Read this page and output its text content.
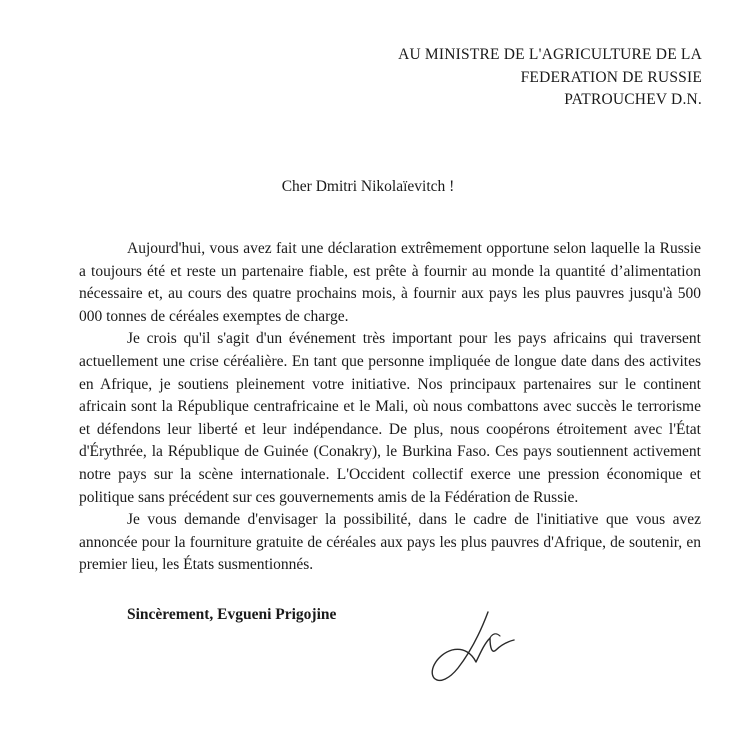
AU MINISTRE DE L'AGRICULTURE DE LA
FEDERATION DE RUSSIE
PATROUCHEV D.N.
Cher Dmitri Nikolaïevitch !

Aujourd'hui, vous avez fait une déclaration extrêmement opportune selon laquelle la Russie a toujours été et reste un partenaire fiable, est prête à fournir au monde la quantité d’alimentation nécessaire et, au cours des quatre prochains mois, à fournir aux pays les plus pauvres jusqu'à 500 000 tonnes de céréales exemptes de charge.

Je crois qu'il s'agit d'un événement très important pour les pays africains qui traversent actuellement une crise céréalière. En tant que personne impliquée de longue date dans des activites en Afrique, je soutiens pleinement votre initiative. Nos principaux partenaires sur le continent africain sont la République centrafricaine et le Mali, où nous combattons avec succès le terrorisme et défendons leur liberté et leur indépendance. De plus, nous coopérons étroitement avec l'État d'Érythrée, la République de Guinée (Conakry), le Burkina Faso. Ces pays soutiennent activement notre pays sur la scène internationale. L'Occident collectif exerce une pression économique et politique sans précédent sur ces gouvernements amis de la Fédération de Russie.

Je vous demande d'envisager la possibilité, dans le cadre de l'initiative que vous avez annoncée pour la fourniture gratuite de céréales aux pays les plus pauvres d'Afrique, de soutenir, en premier lieu, les États susmentionnés.

Sincèrement, Evgueni Prigojine
